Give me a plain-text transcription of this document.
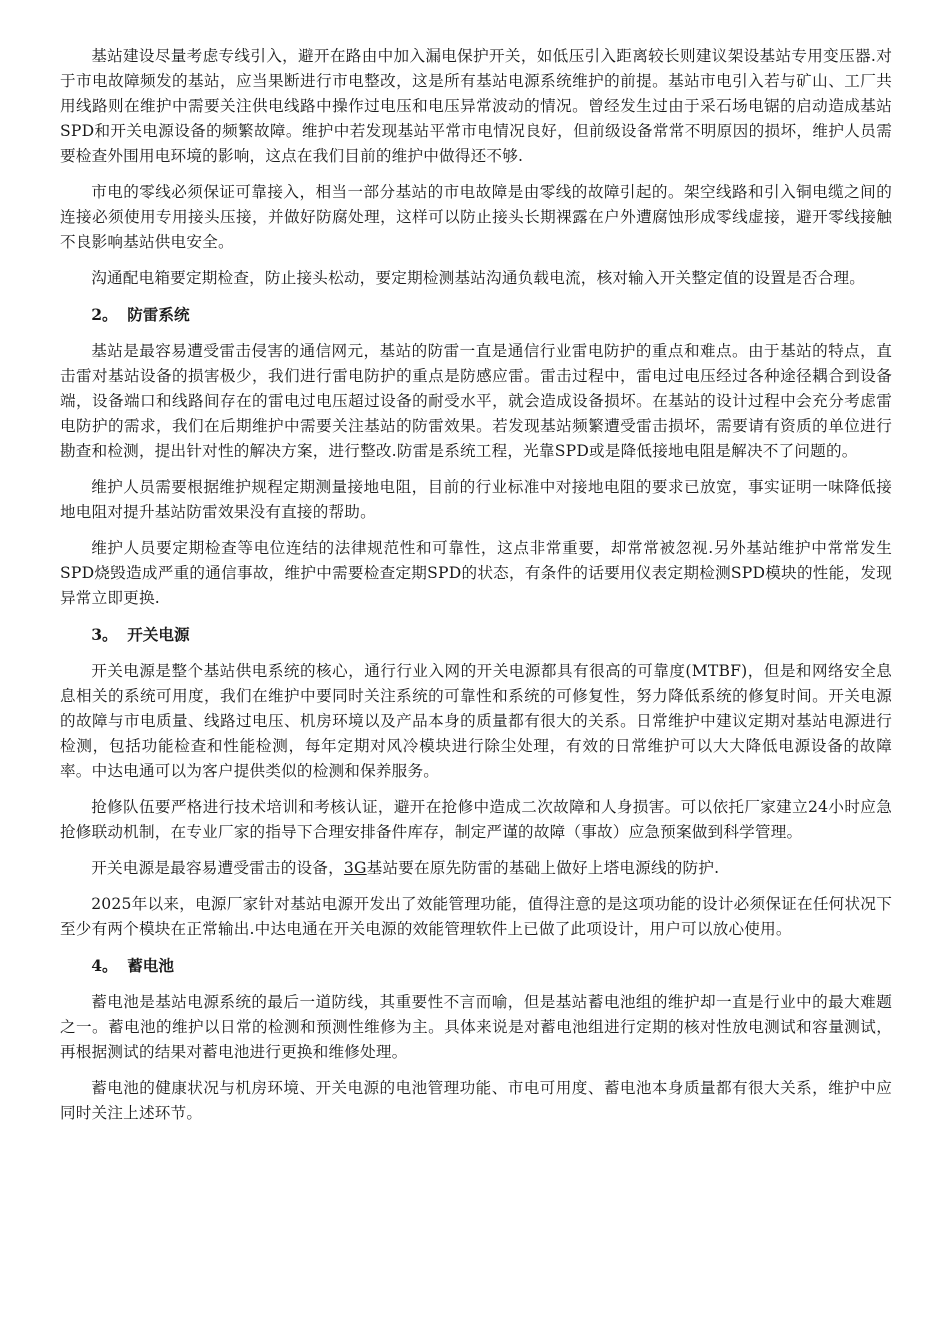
基站建设尽量考虑专线引入，避开在路由中加入漏电保护开关，如低压引入距离较长则建议架设基站专用变压器.对于市电故障频发的基站，应当果断进行市电整改，这是所有基站电源系统维护的前提。基站市电引入若与矿山、工厂共用线路则在维护中需要关注供电线路中操作过电压和电压异常波动的情况。曾经发生过由于采石场电锯的启动造成基站SPD和开关电源设备的频繁故障。维护中若发现基站平常市电情况良好，但前级设备常常不明原因的损坏，维护人员需要检查外围用电环境的影响，这点在我们目前的维护中做得还不够.

市电的零线必须保证可靠接入，相当一部分基站的市电故障是由零线的故障引起的。架空线路和引入铜电缆之间的连接必须使用专用接头压接，并做好防腐处理，这样可以防止接头长期裸露在户外遭腐蚀形成零线虚接，避开零线接触不良影响基站供电安全。

沟通配电箱要定期检查，防止接头松动，要定期检测基站沟通负载电流，核对输入开关整定值的设置是否合理。

2。 防雷系统

基站是最容易遭受雷击侵害的通信网元，基站的防雷一直是通信行业雷电防护的重点和难点。由于基站的特点，直击雷对基站设备的损害极少，我们进行雷电防护的重点是防感应雷。雷击过程中，雷电过电压经过各种途径耦合到设备端，设备端口和线路间存在的雷电过电压超过设备的耐受水平，就会造成设备损坏。在基站的设计过程中会充分考虑雷电防护的需求，我们在后期维护中需要关注基站的防雷效果。若发现基站频繁遭受雷击损坏，需要请有资质的单位进行勘查和检测，提出针对性的解决方案，进行整改.防雷是系统工程，光靠SPD或是降低接地电阻是解决不了问题的。

维护人员需要根据维护规程定期测量接地电阻，目前的行业标准中对接地电阻的要求已放宽，事实证明一味降低接地电阻对提升基站防雷效果没有直接的帮助。

维护人员要定期检查等电位连结的法律规范性和可靠性，这点非常重要，却常常被忽视.另外基站维护中常常发生SPD烧毁造成严重的通信事故，维护中需要检查定期SPD的状态，有条件的话要用仪表定期检测SPD模块的性能，发现异常立即更换.

3。 开关电源

开关电源是整个基站供电系统的核心，通行行业入网的开关电源都具有很高的可靠度(MTBF)，但是和网络安全息息相关的系统可用度，我们在维护中要同时关注系统的可靠性和系统的可修复性，努力降低系统的修复时间。开关电源的故障与市电质量、线路过电压、机房环境以及产品本身的质量都有很大的关系。日常维护中建议定期对基站电源进行检测，包括功能检查和性能检测，每年定期对风冷模块进行除尘处理，有效的日常维护可以大大降低电源设备的故障率。中达电通可以为客户提供类似的检测和保养服务。

抢修队伍要严格进行技术培训和考核认证，避开在抢修中造成二次故障和人身损害。可以依托厂家建立24小时应急抢修联动机制，在专业厂家的指导下合理安排备件库存，制定严谨的故障（事故）应急预案做到科学管理。

开关电源是最容易遭受雷击的设备，3G基站要在原先防雷的基础上做好上塔电源线的防护.

2025年以来，电源厂家针对基站电源开发出了效能管理功能，值得注意的是这项功能的设计必须保证在任何状况下至少有两个模块在正常输出.中达电通在开关电源的效能管理软件上已做了此项设计，用户可以放心使用。

4。 蓄电池

蓄电池是基站电源系统的最后一道防线，其重要性不言而喻，但是基站蓄电池组的维护却一直是行业中的最大难题之一。蓄电池的维护以日常的检测和预测性维修为主。具体来说是对蓄电池组进行定期的核对性放电测试和容量测试，再根据测试的结果对蓄电池进行更换和维修处理。

蓄电池的健康状况与机房环境、开关电源的电池管理功能、市电可用度、蓄电池本身质量都有很大关系，维护中应同时关注上述环节。
